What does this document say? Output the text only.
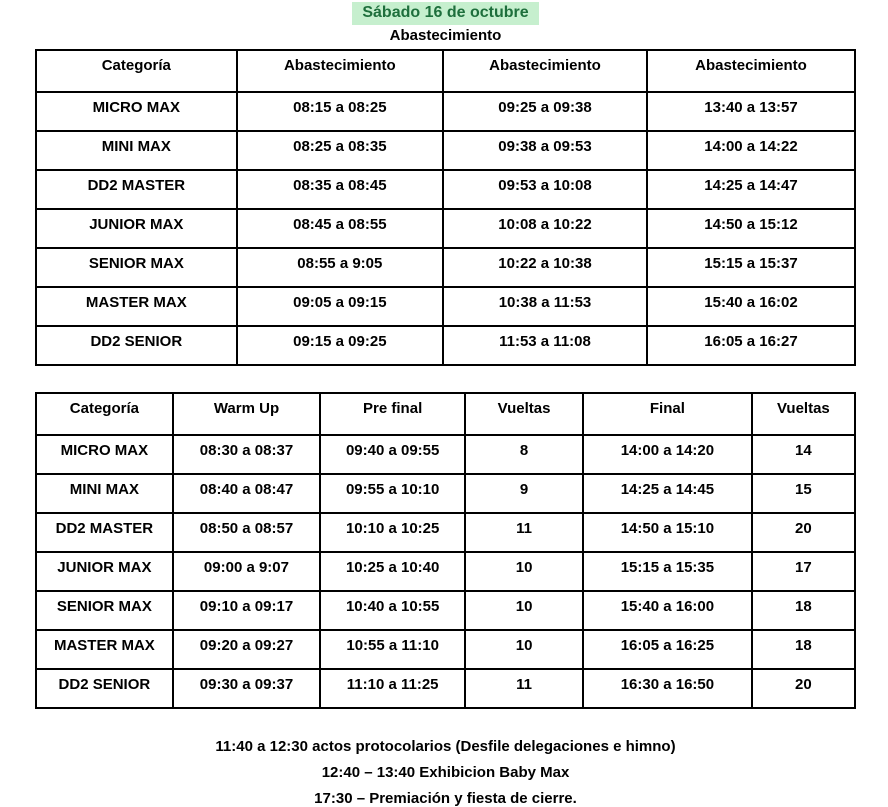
Sábado 16 de octubre
Abastecimiento
Categoría	Abastecimiento	Abastecimiento	Abastecimiento
MICRO MAX	08:15 a 08:25	09:25 a 09:38	13:40 a 13:57
MINI MAX	08:25 a 08:35	09:38 a 09:53	14:00 a 14:22
DD2 MASTER	08:35 a 08:45	09:53 a 10:08	14:25 a 14:47
JUNIOR MAX	08:45 a 08:55	10:08 a 10:22	14:50 a 15:12
SENIOR MAX	08:55 a 9:05	10:22 a 10:38	15:15 a 15:37
MASTER MAX	09:05 a 09:15	10:38 a 11:53	15:40 a 16:02
DD2 SENIOR	09:15 a 09:25	11:53 a 11:08	16:05 a 16:27
Categoría	Warm Up	Pre final	Vueltas	Final	Vueltas
MICRO MAX	08:30 a 08:37	09:40 a 09:55	8	14:00 a 14:20	14
MINI MAX	08:40 a 08:47	09:55 a 10:10	9	14:25 a 14:45	15
DD2 MASTER	08:50 a 08:57	10:10 a 10:25	11	14:50 a 15:10	20
JUNIOR MAX	09:00 a 9:07	10:25 a 10:40	10	15:15 a 15:35	17
SENIOR MAX	09:10 a 09:17	10:40 a 10:55	10	15:40 a 16:00	18
MASTER MAX	09:20 a 09:27	10:55 a 11:10	10	16:05 a 16:25	18
DD2 SENIOR	09:30 a 09:37	11:10 a 11:25	11	16:30 a 16:50	20

11:40 a 12:30 actos protocolarios (Desfile delegaciones e himno)

12:40 – 13:40 Exhibicion Baby Max

17:30 – Premiación y fiesta de cierre.
